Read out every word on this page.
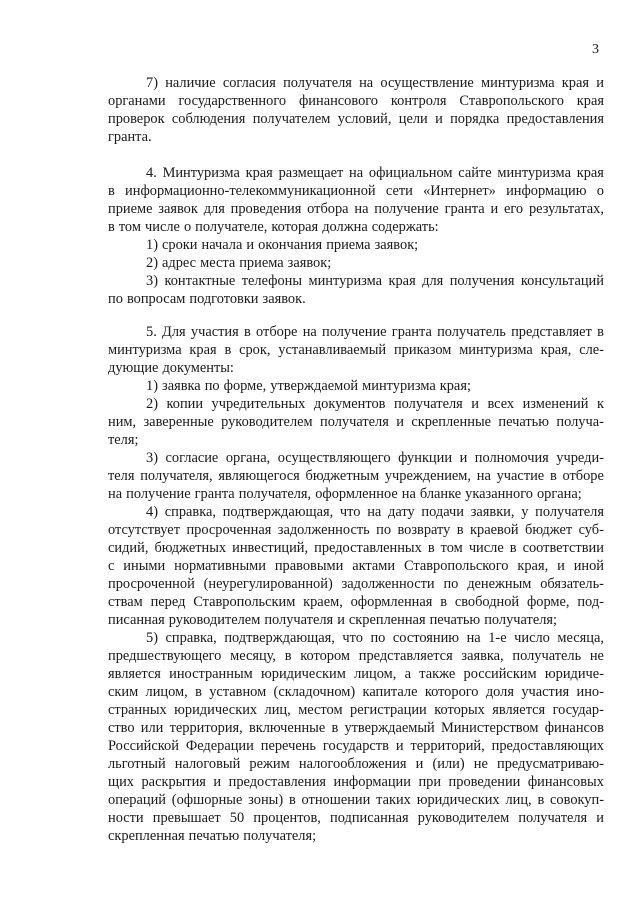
3
7) наличие согласия получателя на осуществление минтуризма края и
органами государственного финансового контроля Ставропольского края
проверок соблюдения получателем условий, цели и порядка предоставления
гранта.
4. Минтуризма края размещает на официальном сайте минтуризма края
в информационно-телекоммуникационной сети «Интернет» информацию о
приеме заявок для проведения отбора на получение гранта и его результатах,
в том числе о получателе, которая должна содержать:
1) сроки начала и окончания приема заявок;
2) адрес места приема заявок;
3) контактные телефоны минтуризма края для получения консультаций
по вопросам подготовки заявок.
5. Для участия в отборе на получение гранта получатель представляет в
минтуризма края в срок, устанавливаемый приказом минтуризма края, сле-
дующие документы:
1) заявка по форме, утверждаемой минтуризма края;
2) копии учредительных документов получателя и всех изменений к
ним, заверенные руководителем получателя и скрепленные печатью получа-
теля;
3) согласие органа, осуществляющего функции и полномочия учреди-
теля получателя, являющегося бюджетным учреждением, на участие в отборе
на получение гранта получателя, оформленное на бланке указанного органа;
4) справка, подтверждающая, что на дату подачи заявки, у получателя
отсутствует просроченная задолженность по возврату в краевой бюджет суб-
сидий, бюджетных инвестиций, предоставленных в том числе в соответствии
с иными нормативными правовыми актами Ставропольского края, и иной
просроченной (неурегулированной) задолженности по денежным обязатель-
ствам перед Ставропольским краем, оформленная в свободной форме, под-
писанная руководителем получателя и скрепленная печатью получателя;
5) справка, подтверждающая, что по состоянию на 1-е число месяца,
предшествующего месяцу, в котором представляется заявка, получатель не
является иностранным юридическим лицом, а также российским юридиче-
ским лицом, в уставном (складочном) капитале которого доля участия ино-
странных юридических лиц, местом регистрации которых является государ-
ство или территория, включенные в утверждаемый Министерством финансов
Российской Федерации перечень государств и территорий, предоставляющих
льготный налоговый режим налогообложения и (или) не предусматриваю-
щих раскрытия и предоставления информации при проведении финансовых
операций (офшорные зоны) в отношении таких юридических лиц, в совокуп-
ности превышает 50 процентов, подписанная руководителем получателя и
скрепленная печатью получателя;
